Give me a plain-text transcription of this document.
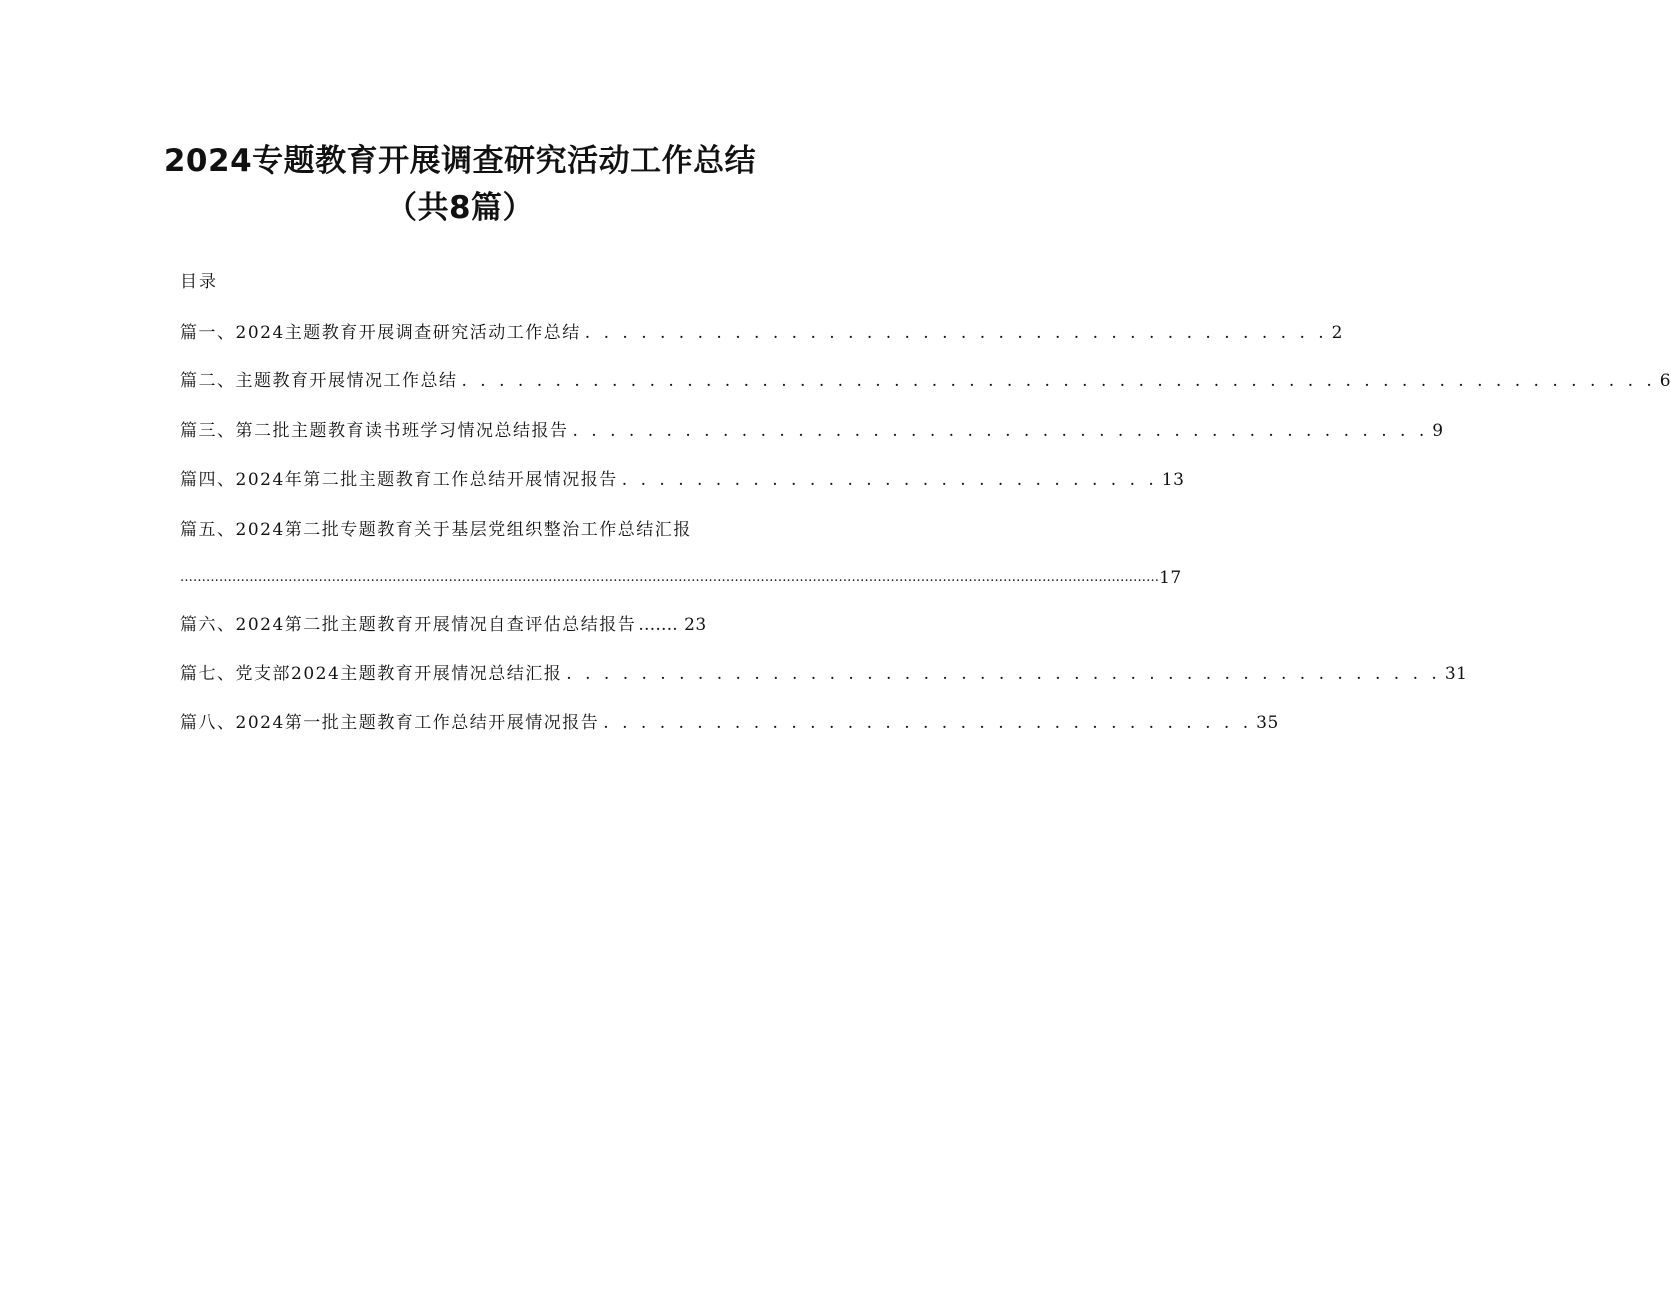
2024专题教育开展调查研究活动工作总结
（共8篇）
目录
篇一、2024主题教育开展调查研究活动工作总结 . . . . . . . . . . . . . . . . . . . . . . . . . . . . . . . . . . . . . . . . 2
篇二、主题教育开展情况工作总结 . . . . . . . . . . . . . . . . . . . . . . . . . . . . . . . . . . . . . . . . . . . . . . . . . . . . . . . . . . . . . . . . 6
篇三、第二批主题教育读书班学习情况总结报告 . . . . . . . . . . . . . . . . . . . . . . . . . . . . . . . . . . . . . . . . . . . . . . 9
篇四、2024年第二批主题教育工作总结开展情况报告 . . . . . . . . . . . . . . . . . . . . . . . . . . . . . 13
篇五、2024第二批专题教育关于基层党组织整治工作总结汇报
.................................................................................................................................................................................................................................. 17
篇六、2024第二批主题教育开展情况自查评估总结报告 …… . 23
篇七、党支部2024主题教育开展情况总结汇报 . . . . . . . . . . . . . . . . . . . . . . . . . . . . . . . . . . . . . . . . . . . . . . . 31
篇八、2024第一批主题教育工作总结开展情况报告 . . . . . . . . . . . . . . . . . . . . . . . . . . . . . . . . . . . 35
